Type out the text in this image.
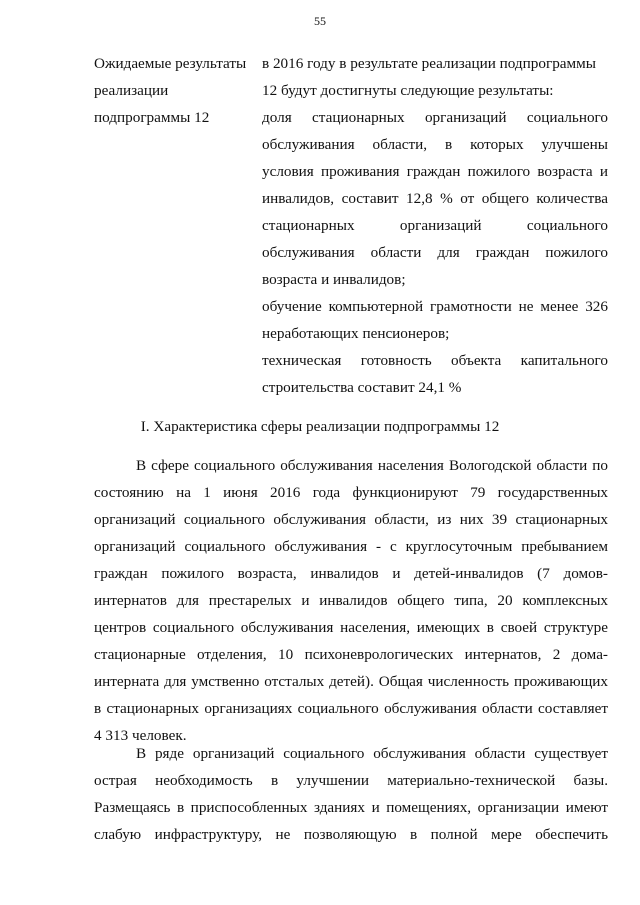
55
Ожидаемые результаты
реализации
подпрограммы 12
в 2016 году в результате реализации подпрограммы
12 будут достигнуты следующие результаты:
доля стационарных организаций социального
обслуживания области, в которых улучшены
условия проживания граждан пожилого возраста и
инвалидов, составит 12,8 % от общего количества
стационарных организаций социального
обслуживания области для граждан пожилого
возраста и инвалидов;
обучение компьютерной грамотности не менее 326
неработающих пенсионеров;
техническая готовность объекта капитального
строительства составит 24,1 %
I. Характеристика сферы реализации подпрограммы 12
В сфере социального обслуживания населения Вологодской области по
состоянию на 1 июня 2016 года функционируют 79 государственных
организаций социального обслуживания области, из них 39 стационарных
организаций социального обслуживания - с круглосуточным пребыванием
граждан пожилого возраста, инвалидов и детей-инвалидов (7 домов-
интернатов для престарелых и инвалидов общего типа, 20 комплексных
центров социального обслуживания населения, имеющих в своей структуре
стационарные отделения, 10 психоневрологических интернатов, 2 дома-
интерната для умственно отсталых детей). Общая численность проживающих
в стационарных организациях социального обслуживания области составляет
4 313 человек.
В ряде организаций социального обслуживания области существует
острая необходимость в улучшении материально-технической базы.
Размещаясь в приспособленных зданиях и помещениях, организации имеют
слабую инфраструктуру, не позволяющую в полной мере обеспечить
